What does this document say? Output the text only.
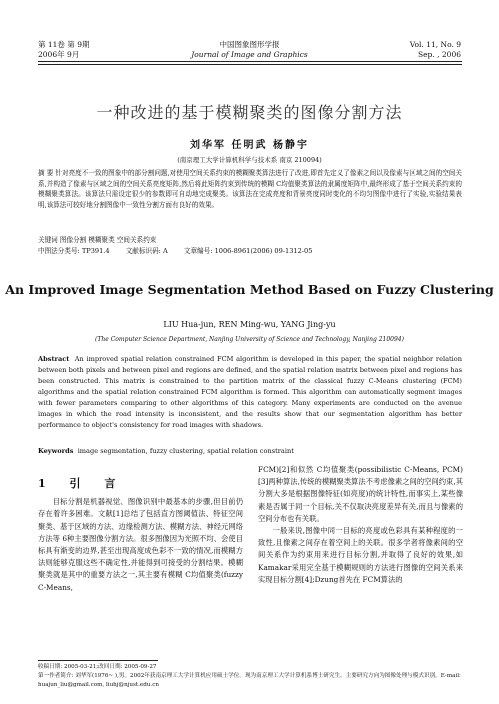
第 11卷 第 9期
2006年 9月
中国图象图形学报
Journal of Image and Graphics
Vol. 11, No. 9
Sep. , 2006
一种改进的基于模糊聚类的图像分割方法
刘华军 任明武 杨静宇
(南京理工大学计算机科学与技术系 南京 210094)
摘 要 针对亮度不一致的图象中的部分割问题,对使用空间关系约束的模糊聚类算法进行了改进,即首先定义了像素之间以及像素与区域之间的空间关系,并构造了像素与区域之间的空间关系亮度矩阵,然后将此矩阵约束到传统的模糊 C均值聚类算法的隶属度矩阵中,最终形成了基于空间关系约束的模糊聚类算法。该算法只需设定很少的参数即可自动地完成聚类。该算法在完成亮度和背景亮度同时变化的不均匀图像中进行了实验,实验结果表明,该算法可较好地分割图像中一致性分割方面有良好的效果。
关键词 图像分割 模糊聚类 空间关系约束
中图法分类号: TP391.4 文献标识码: A 文章编号: 1006-8961(2006) 09-1312-05
An Improved Image Segmentation Method Based on Fuzzy Clustering
LIU Hua-jun, REN Ming-wu, YANG Jing-yu
(The Computer Science Department, Nanjing University of Science and Technology, Nanjing 210094)
Abstract An improved spatial relation constrained FCM algorithm is developed in this paper, the spatial neighbor relation between both pixels and between pixel and regions are defined, and the spatial relation matrix between pixel and regions has been constructed. This matrix is constrained to the partition matrix of the classical fuzzy C-Means clustering (FCM) algorithms and the spatial relation constrained FCM algorithm is formed. This algorithm can automatically segment images with fewer parameters comparing to other algorithms of this category. Many experiments are conducted on the avenue images in which the road intensity is inconsistent, and the results show that our segmentation algorithm has better performance to object's consistency for road images with shadows.
Keywords image segmentation, fuzzy clustering, spatial relation constraint
1 引 言

目标分割是机器视觉、图像识别中最基本的步骤,但目前仍存在着许多困难。文献[1]总结了包括直方图阈值法、特征空间聚类、基于区域的方法、边缘检测方法、模糊方法、神经元网络方法等 6种主要图像分割方法。很多图像因为光照不均、会使目标具有渐变的边界,甚至出现高度成色彩不一致的情况,而模糊方法则能够克服这些不确定性,并能得到可接受的分割结果。模糊聚类就是其中的重要方法之一,其主要有模糊 C均值聚类(fuzzy C-Means,

FCM)[2]和似然 C均值聚类(possibilistic C-Means, PCM)[3]两种算法,传统的模糊聚类算法不考虑像素之间的空间约束,其分割大多是根据图像特征(如亮度)的统计特性,而事实上,某些像素是否属于同一个目标,关不仅取决亮度差异有关,而且与像素的空间分布也有关联。

一般来说,图像中同一目标的亮度或色彩具有某种程度的一致性,且像素之间存在着空间上的关联。很多学者将像素间的空间关系作为约束用来进行目标分割,并取得了良好的效果,如 Kamakar采用完全基于模糊规则的方法进行图像的空间关系来实现目标分割[4];Dzung首先在 FCM算法的

收稿日期: 2005-03-21;改回日期: 2005-09-27
第一作者简介: 刘华军(1976~ ),男。2002年获南京理工大学计算机应用硕士学位。现为南京理工大学计算机系博士研究生。主要研究方向为图像处理与模式识别。E-mail: huajun_liu@gmail.com, liuhj@njust.edu.cn
